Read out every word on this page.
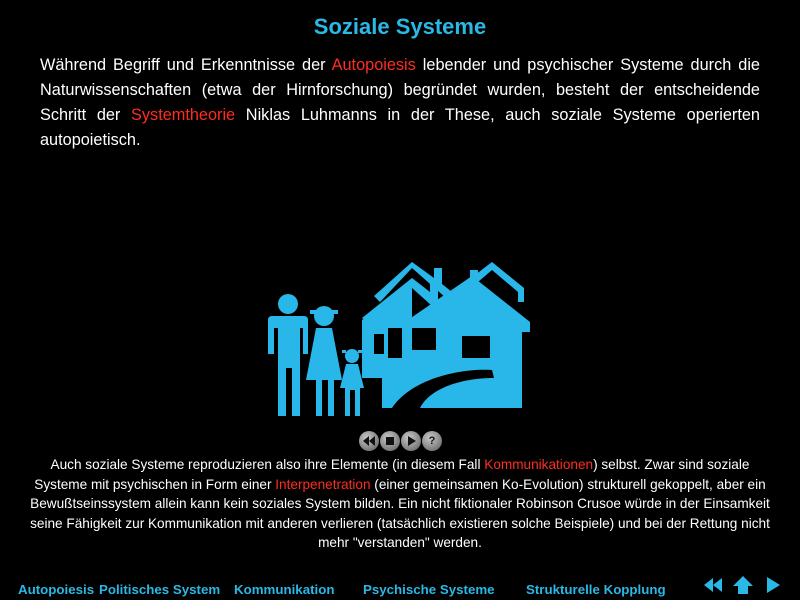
Soziale Systeme
Während Begriff und Erkenntnisse der Autopoiesis lebender und psychischer Systeme durch die Naturwissenschaften (etwa der Hirnforschung) begründet wurden, besteht der entscheidende Schritt der Systemtheorie Niklas Luhmanns in der These, auch soziale Systeme operierten autopoietisch.
?
Auch soziale Systeme reproduzieren also ihre Elemente (in diesem Fall Kommunikationen) selbst. Zwar sind soziale Systeme mit psychischen in Form einer Interpenetration (einer gemeinsamen Ko-Evolution) strukturell gekoppelt, aber ein Bewußtseinssystem allein kann kein soziales System bilden. Ein nicht fiktionaler Robinson Crusoe würde in der Einsamkeit seine Fähigkeit zur Kommunikation mit anderen verlieren (tatsächlich existieren solche Beispiele) und bei der Rettung nicht mehr "verstanden" werden.
Autopoiesis Politisches System	Kommunikation	Psychische Systeme	Strukturelle Kopplung
